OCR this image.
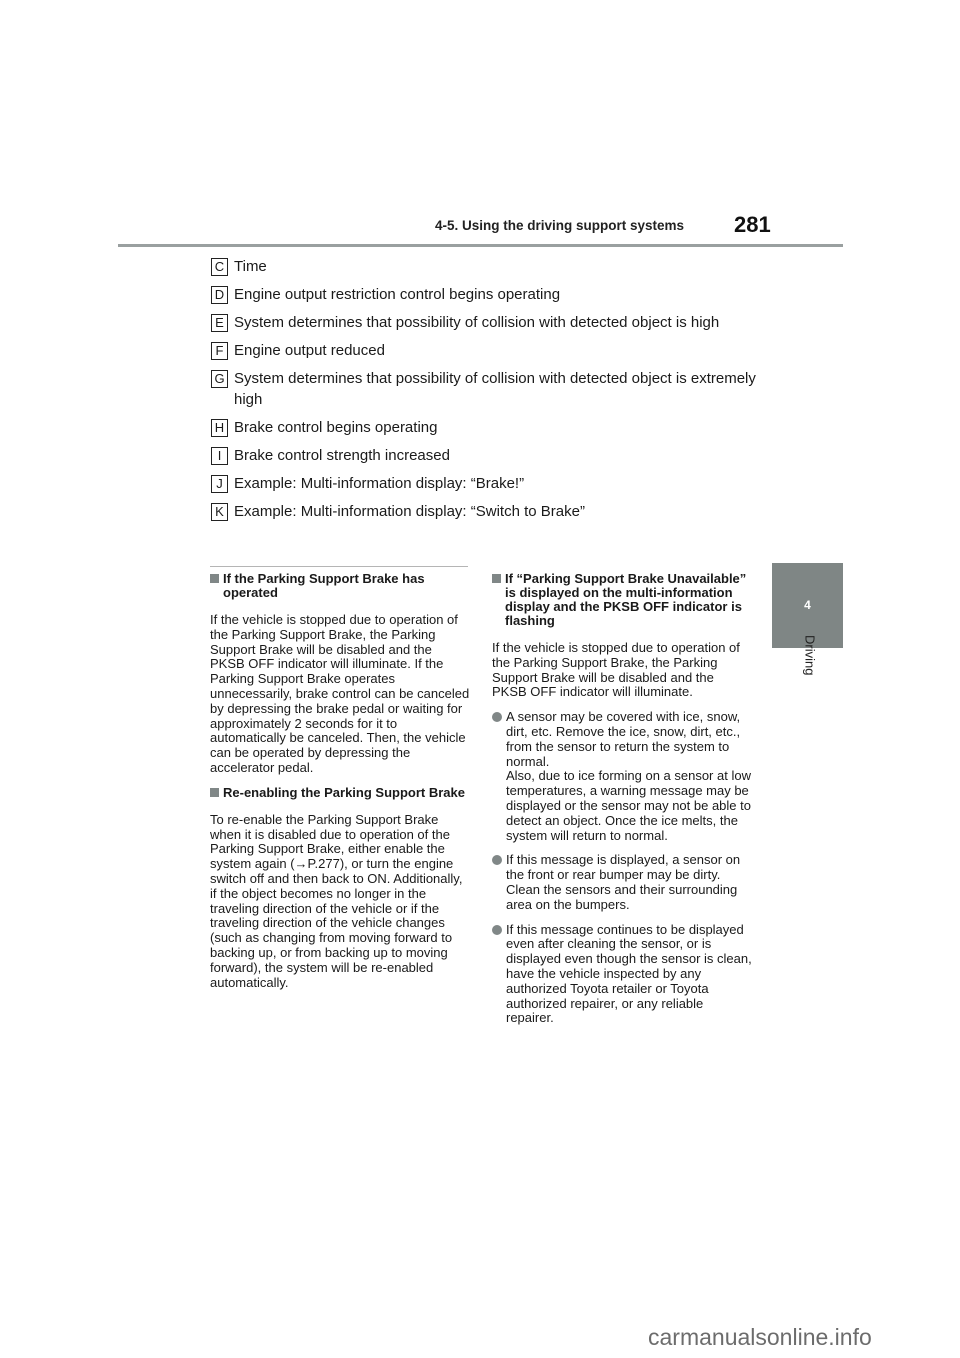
4-5. Using the driving support systems 281
4
Driving
C Time
D Engine output restriction control begins operating
E System determines that possibility of collision with detected object is high
F Engine output reduced
G System determines that possibility of collision with detected object is extremely high
H Brake control begins operating
I Brake control strength increased
J Example: Multi-information display: “Brake!”
K Example: Multi-information display: “Switch to Brake”
If the Parking Support Brake has operated

If the vehicle is stopped due to operation of the Parking Support Brake, the Parking Support Brake will be disabled and the PKSB OFF indicator will illuminate. If the Parking Support Brake operates unnecessarily, brake control can be canceled by depressing the brake pedal or waiting for approximately 2 seconds for it to automatically be canceled. Then, the vehicle can be operated by depressing the accelerator pedal.

Re-enabling the Parking Support Brake

To re-enable the Parking Support Brake when it is disabled due to operation of the Parking Support Brake, either enable the system again (→P.277), or turn the engine switch off and then back to ON. Additionally, if the object becomes no longer in the traveling direction of the vehicle or if the traveling direction of the vehicle changes (such as changing from moving forward to backing up, or from backing up to moving forward), the system will be re-enabled automatically.

If “Parking Support Brake Unavailable” is displayed on the multi-information display and the PKSB OFF indicator is flashing

If the vehicle is stopped due to operation of the Parking Support Brake, the Parking Support Brake will be disabled and the PKSB OFF indicator will illuminate.

A sensor may be covered with ice, snow, dirt, etc. Remove the ice, snow, dirt, etc., from the sensor to return the system to normal.

Also, due to ice forming on a sensor at low temperatures, a warning message may be displayed or the sensor may not be able to detect an object. Once the ice melts, the system will return to normal.

If this message is displayed, a sensor on the front or rear bumper may be dirty. Clean the sensors and their surrounding area on the bumpers.

If this message continues to be displayed even after cleaning the sensor, or is displayed even though the sensor is clean, have the vehicle inspected by any authorized Toyota retailer or Toyota authorized repairer, or any reliable repairer.

carmanualsonline.info
